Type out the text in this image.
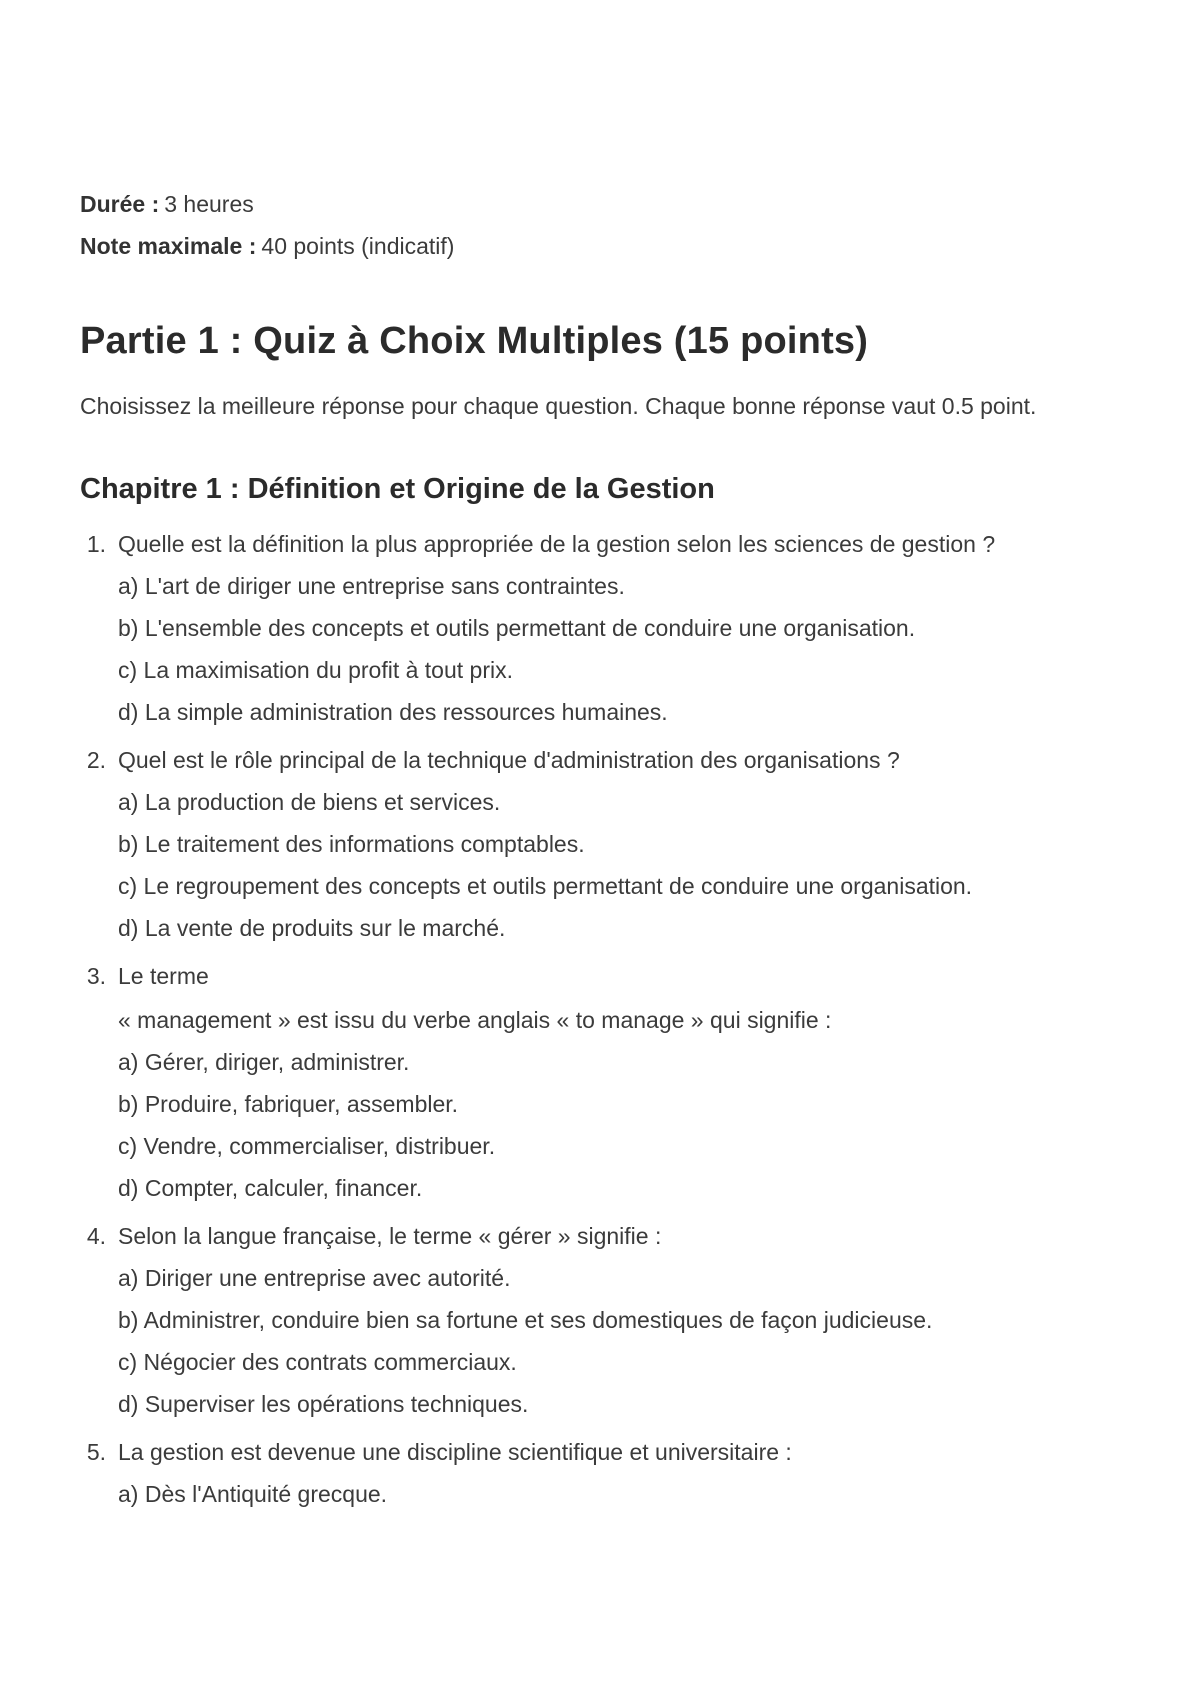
Durée : 3 heures

Note maximale : 40 points (indicatif)

Partie 1 : Quiz à Choix Multiples (15 points)

Choisissez la meilleure réponse pour chaque question. Chaque bonne réponse vaut 0.5 point.

Chapitre 1 : Définition et Origine de la Gestion
1. Quelle est la définition la plus appropriée de la gestion selon les sciences de gestion ?

a) L'art de diriger une entreprise sans contraintes.

b) L'ensemble des concepts et outils permettant de conduire une organisation.

c) La maximisation du profit à tout prix.

d) La simple administration des ressources humaines.

2. Quel est le rôle principal de la technique d'administration des organisations ?

a) La production de biens et services.

b) Le traitement des informations comptables.

c) Le regroupement des concepts et outils permettant de conduire une organisation.

d) La vente de produits sur le marché.

3. Le terme

« management » est issu du verbe anglais « to manage » qui signifie :

a) Gérer, diriger, administrer.

b) Produire, fabriquer, assembler.

c) Vendre, commercialiser, distribuer.

d) Compter, calculer, financer.

4. Selon la langue française, le terme « gérer » signifie :

a) Diriger une entreprise avec autorité.

b) Administrer, conduire bien sa fortune et ses domestiques de façon judicieuse.

c) Négocier des contrats commerciaux.

d) Superviser les opérations techniques.

5. La gestion est devenue une discipline scientifique et universitaire :

a) Dès l'Antiquité grecque.
